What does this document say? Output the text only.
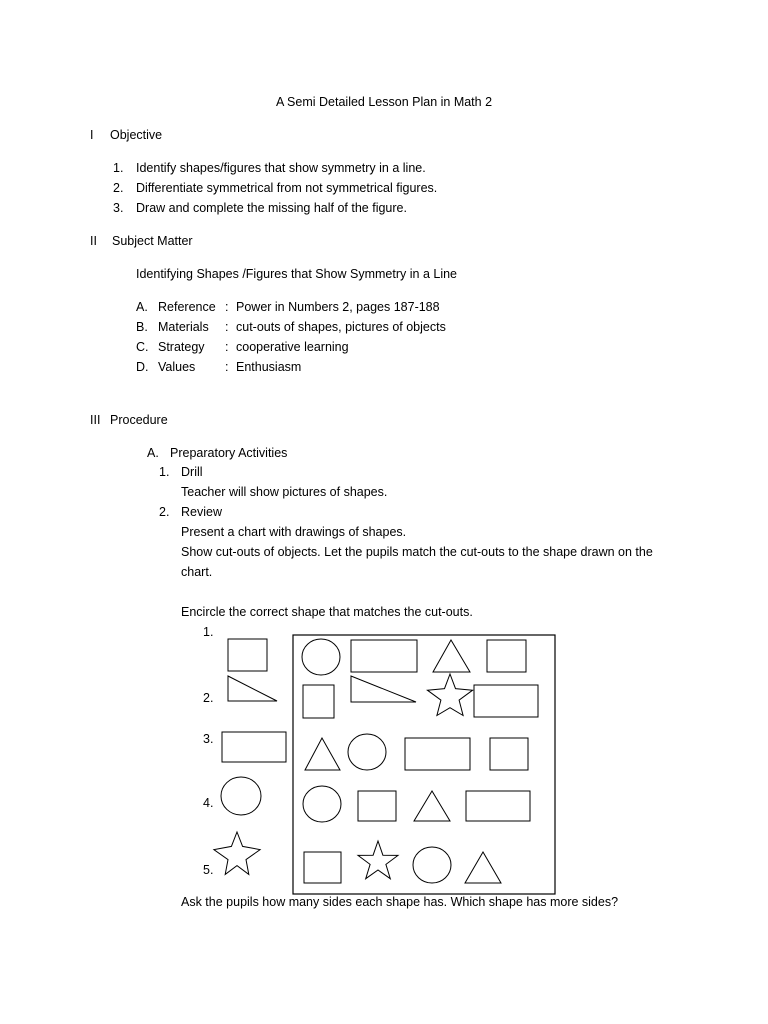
A Semi Detailed Lesson Plan in Math 2
I Objective
1. Identify shapes/figures that show symmetry in a line.
2. Differentiate symmetrical from not symmetrical figures.
3. Draw and complete the missing half of the figure.
II Subject Matter
Identifying Shapes /Figures that Show Symmetry in a Line
A. Reference : Power in Numbers 2, pages 187-188
B. Materials : cut-outs of shapes, pictures of objects
C. Strategy : cooperative learning
D. Values : Enthusiasm
III Procedure
A. Preparatory Activities
1. Drill
Teacher will show pictures of shapes.
2. Review
Present a chart with drawings of shapes.
Show cut-outs of objects. Let the pupils match the cut-outs to the shape drawn on the
chart.
Encircle the correct shape that matches the cut-outs.
1.
2.
3.
4.
5.
Ask the pupils how many sides each shape has. Which shape has more sides?
